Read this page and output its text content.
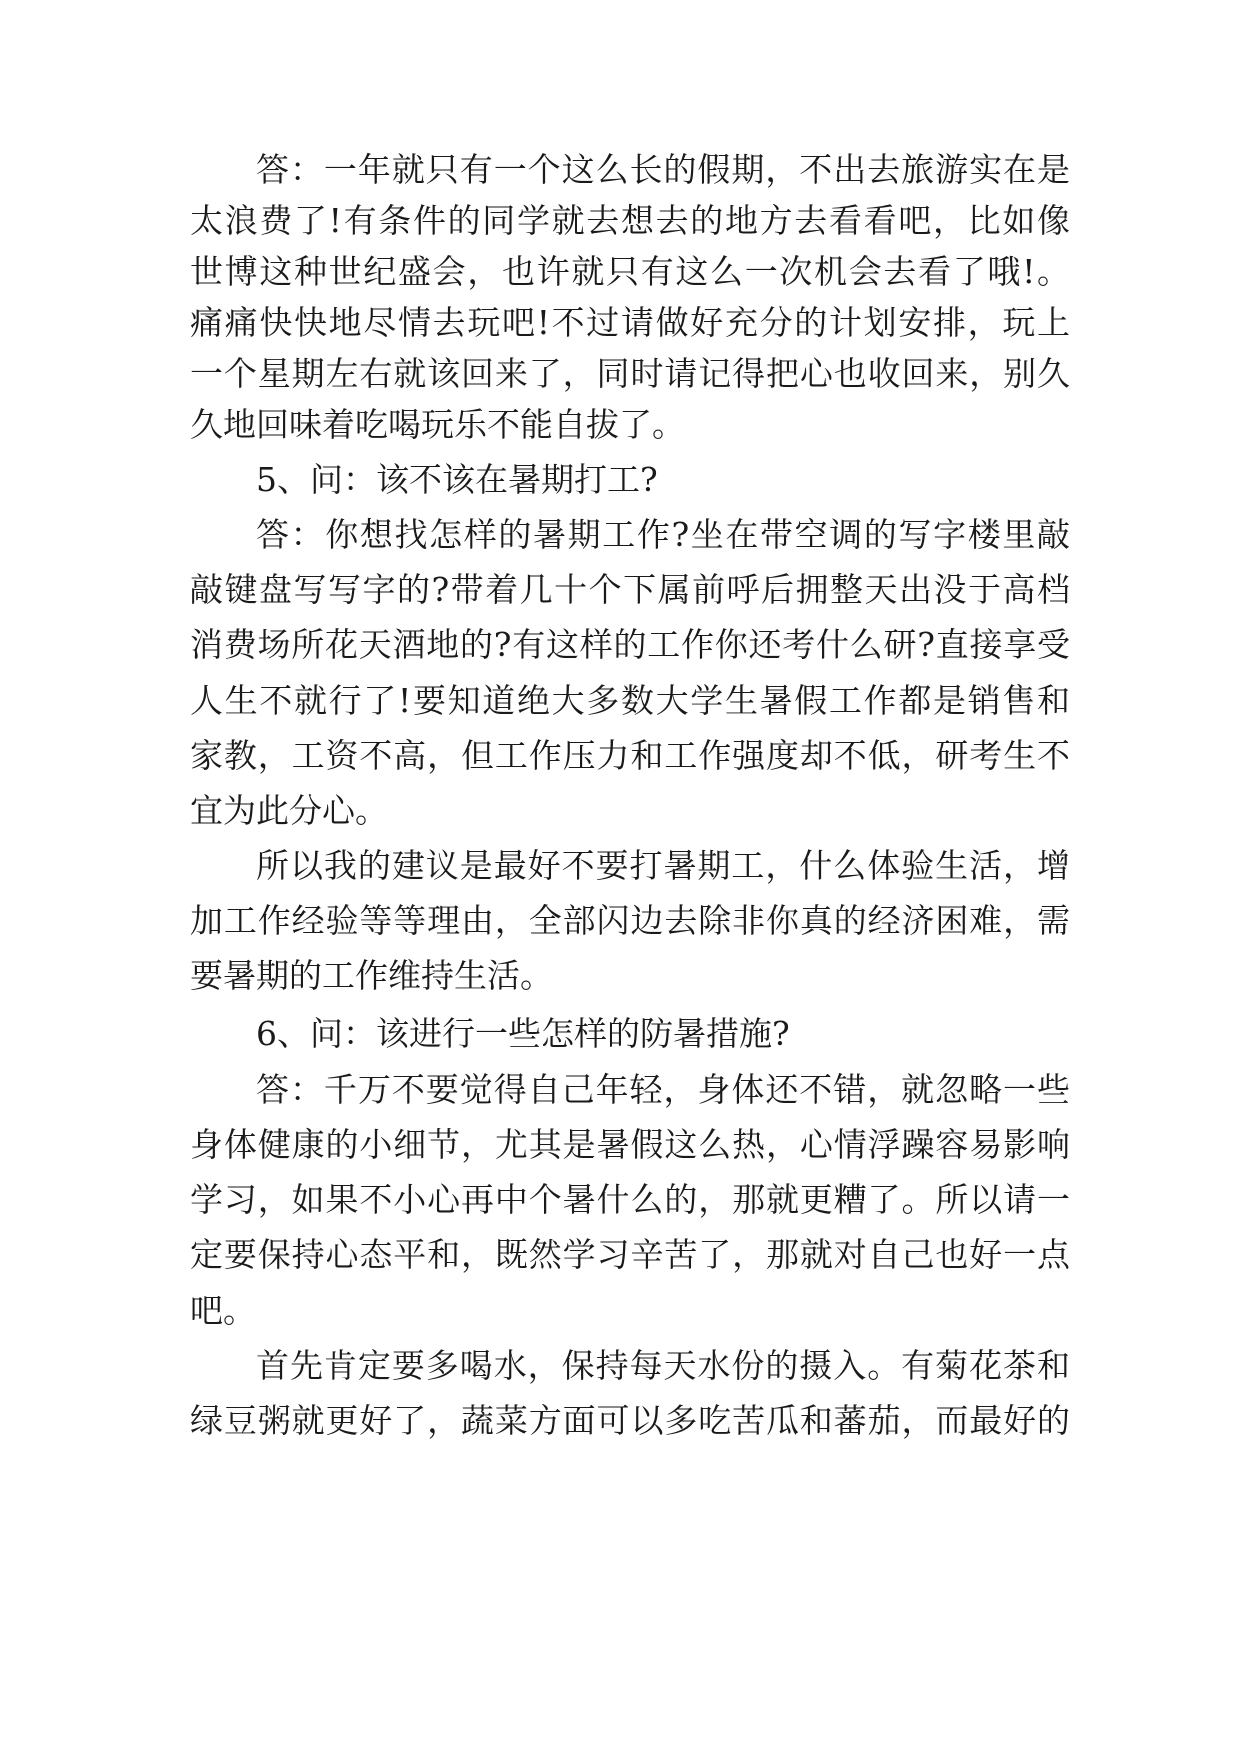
答：一年就只有一个这么长的假期，不出去旅游实在是
太浪费了!有条件的同学就去想去的地方去看看吧，比如像
世博这种世纪盛会，也许就只有这么一次机会去看了哦!。
痛痛快快地尽情去玩吧!不过请做好充分的计划安排，玩上
一个星期左右就该回来了，同时请记得把心也收回来，别久
久地回味着吃喝玩乐不能自拔了。
5、问：该不该在暑期打工?
答：你想找怎样的暑期工作?坐在带空调的写字楼里敲
敲键盘写写字的?带着几十个下属前呼后拥整天出没于高档
消费场所花天酒地的?有这样的工作你还考什么研?直接享受
人生不就行了!要知道绝大多数大学生暑假工作都是销售和
家教，工资不高，但工作压力和工作强度却不低，研考生不
宜为此分心。
所以我的建议是最好不要打暑期工，什么体验生活，增
加工作经验等等理由，全部闪边去除非你真的经济困难，需
要暑期的工作维持生活。
6、问：该进行一些怎样的防暑措施?
答：千万不要觉得自己年轻，身体还不错，就忽略一些
身体健康的小细节，尤其是暑假这么热，心情浮躁容易影响
学习，如果不小心再中个暑什么的，那就更糟了。所以请一
定要保持心态平和，既然学习辛苦了，那就对自己也好一点
吧。
首先肯定要多喝水，保持每天水份的摄入。有菊花茶和
绿豆粥就更好了，蔬菜方面可以多吃苦瓜和蕃茄，而最好的
